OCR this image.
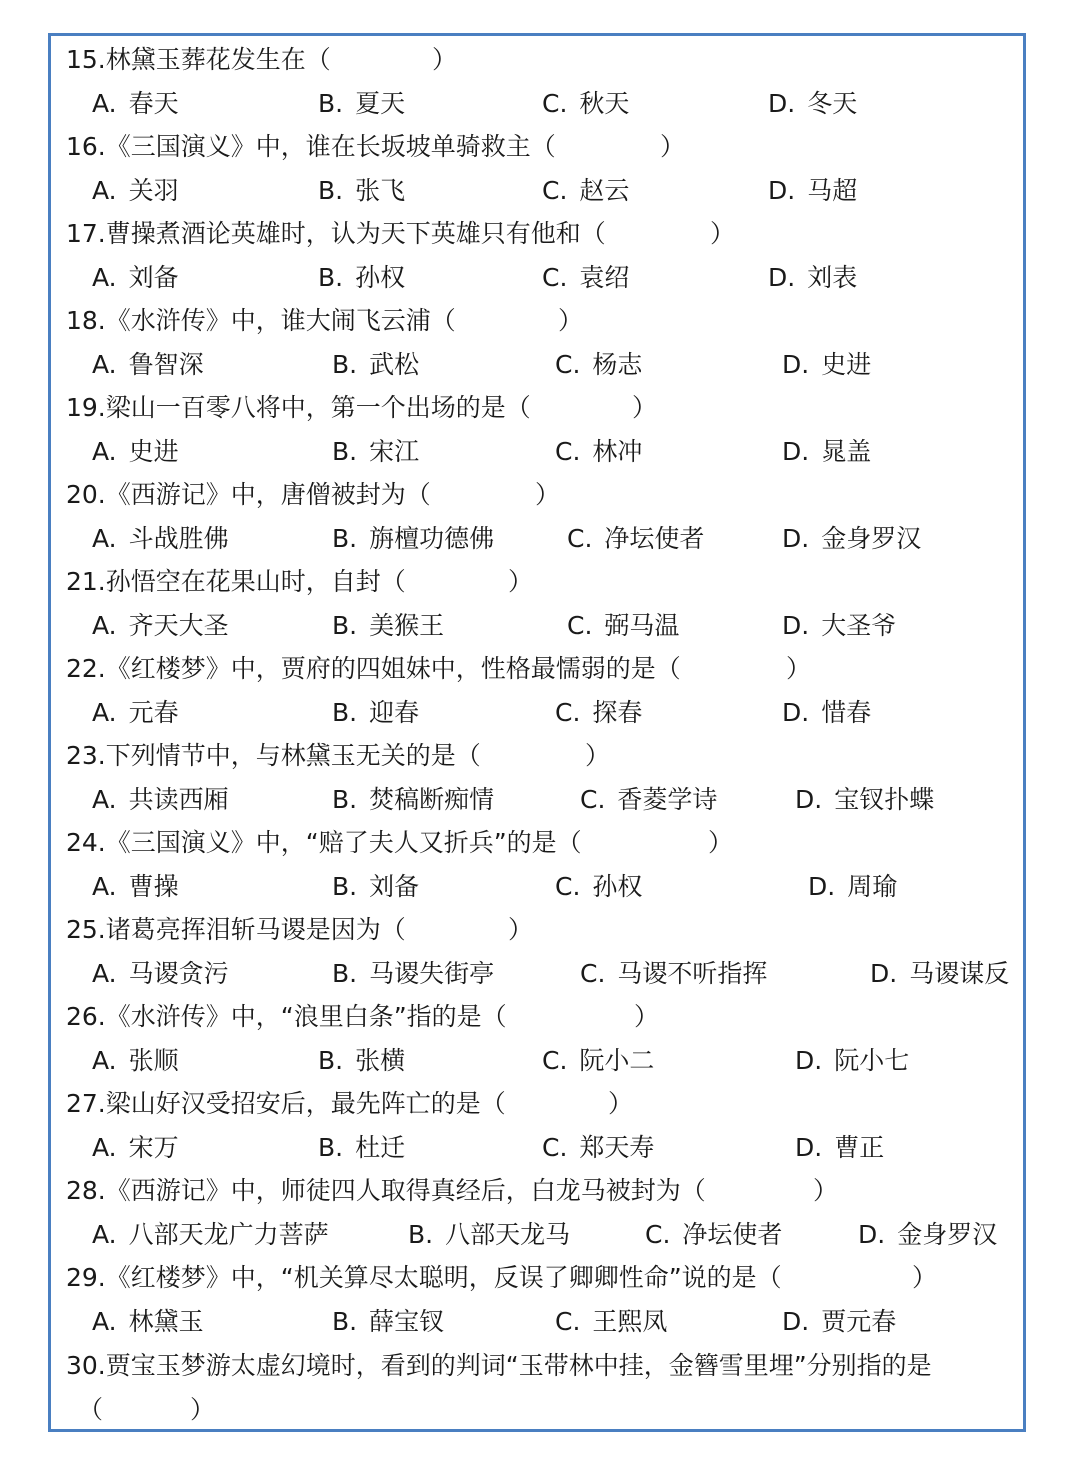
15.林黛玉葬花发生在（	）
A. 春天	B. 夏天	C. 秋天	D. 冬天
16.《三国演义》中，谁在长坂坡单骑救主（	）
A. 关羽	B. 张飞	C. 赵云	D. 马超
17.曹操煮酒论英雄时，认为天下英雄只有他和（	）
A. 刘备	B. 孙权	C. 袁绍	D. 刘表
18.《水浒传》中，谁大闹飞云浦（	）
A. 鲁智深	B. 武松	C. 杨志	D. 史进
19.梁山一百零八将中，第一个出场的是（	）
A. 史进	B. 宋江	C. 林冲	D. 晁盖
20.《西游记》中，唐僧被封为（	）
A. 斗战胜佛	B. 旃檀功德佛	C. 净坛使者	D. 金身罗汉
21.孙悟空在花果山时，自封（	）
A. 齐天大圣	B. 美猴王	C. 弼马温	D. 大圣爷
22.《红楼梦》中，贾府的四姐妹中，性格最懦弱的是（	）
A. 元春	B. 迎春	C. 探春	D. 惜春
23.下列情节中，与林黛玉无关的是（	）
A. 共读西厢	B. 焚稿断痴情	C. 香菱学诗	D. 宝钗扑蝶
24.《三国演义》中，“赔了夫人又折兵”的是（	）
A. 曹操	B. 刘备	C. 孙权	D. 周瑜
25.诸葛亮挥泪斩马谡是因为（	）
A. 马谡贪污	B. 马谡失街亭	C. 马谡不听指挥	D. 马谡谋反
26.《水浒传》中，“浪里白条”指的是（	）
A. 张顺	B. 张横	C. 阮小二	D. 阮小七
27.梁山好汉受招安后，最先阵亡的是（	）
A. 宋万	B. 杜迁	C. 郑天寿	D. 曹正
28.《西游记》中，师徒四人取得真经后，白龙马被封为（	）
A. 八部天龙广力菩萨	B. 八部天龙马	C. 净坛使者	D. 金身罗汉
29.《红楼梦》中，“机关算尽太聪明，反误了卿卿性命”说的是（	）
A. 林黛玉	B. 薛宝钗	C. 王熙凤	D. 贾元春
30.贾宝玉梦游太虚幻境时，看到的判词“玉带林中挂，金簪雪里埋”分别指的是
（	）
